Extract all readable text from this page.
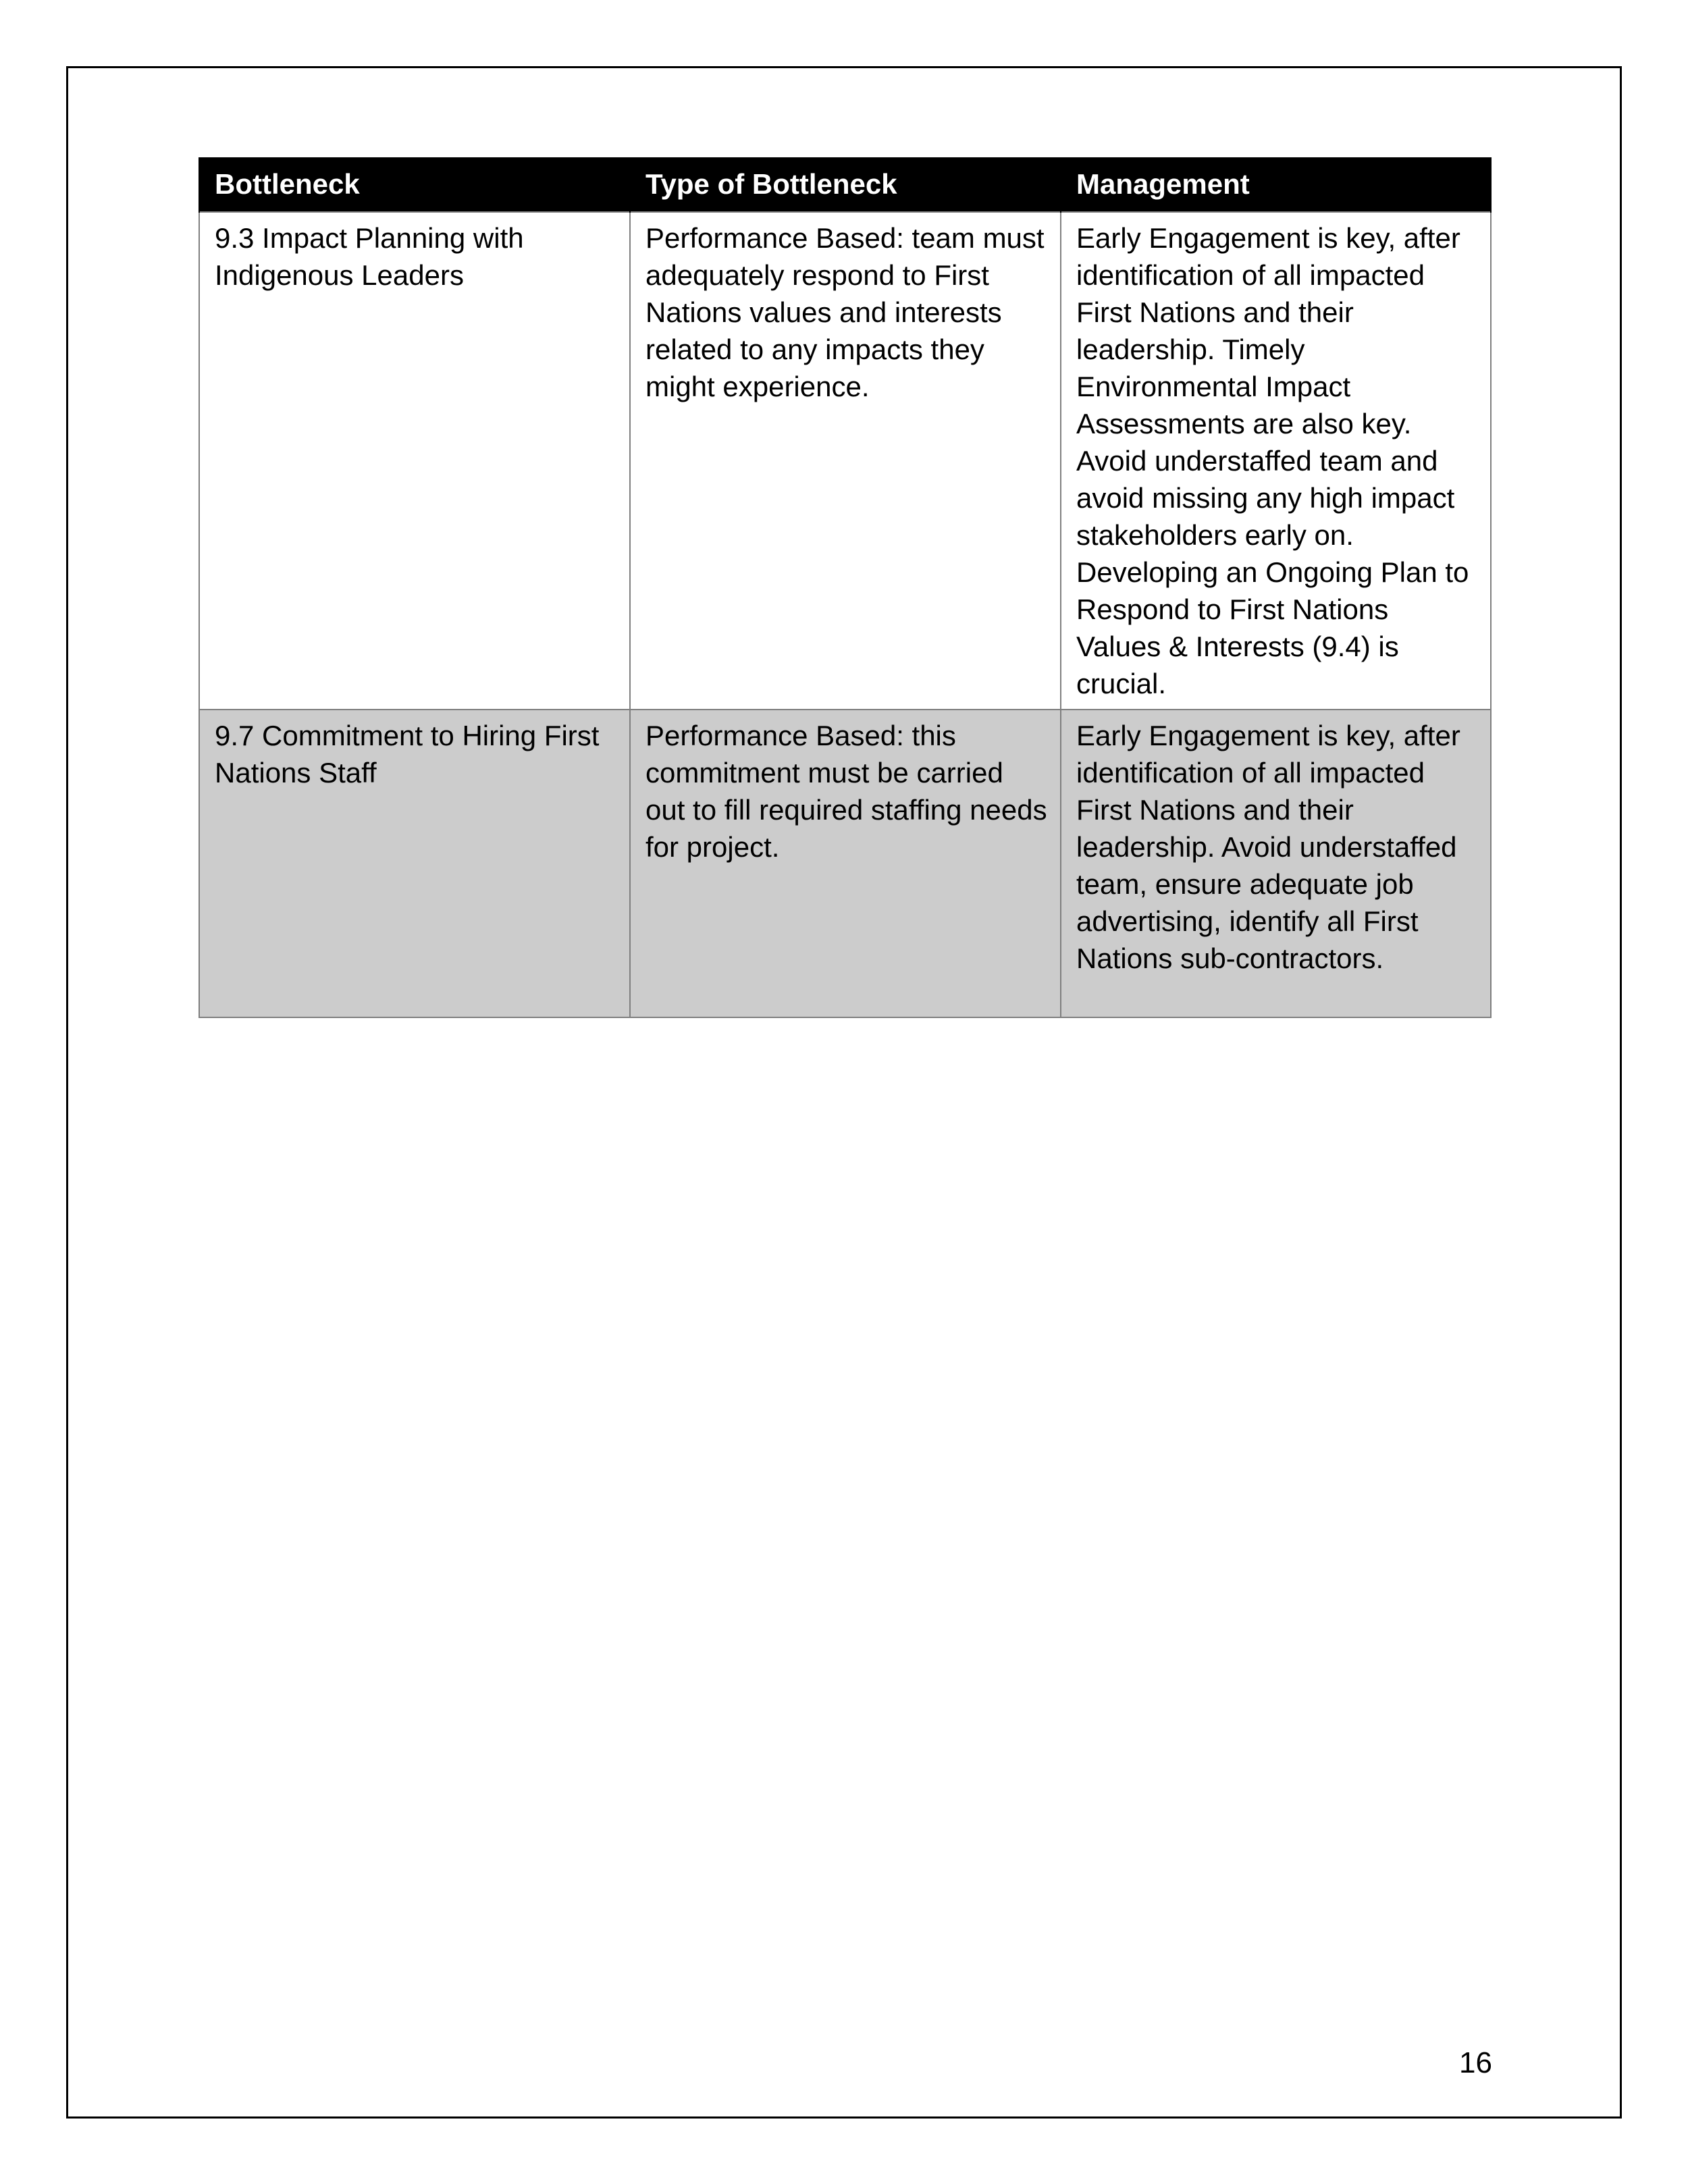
Bottleneck	Type of Bottleneck	Management
9.3 Impact Planning with Indigenous Leaders	Performance Based: team must adequately respond to First Nations values and interests related to any impacts they might experience.	Early Engagement is key, after identification of all impacted First Nations and their leadership. Timely Environmental Impact Assessments are also key. Avoid understaffed team and avoid missing any high impact stakeholders early on. Developing an Ongoing Plan to Respond to First Nations Values & Interests (9.4) is crucial.
9.7 Commitment to Hiring First Nations Staff	Performance Based: this commitment must be carried out to fill required staffing needs for project.	Early Engagement is key, after identification of all impacted First Nations and their leadership. Avoid understaffed team, ensure adequate job advertising, identify all First Nations sub-contractors.
16
